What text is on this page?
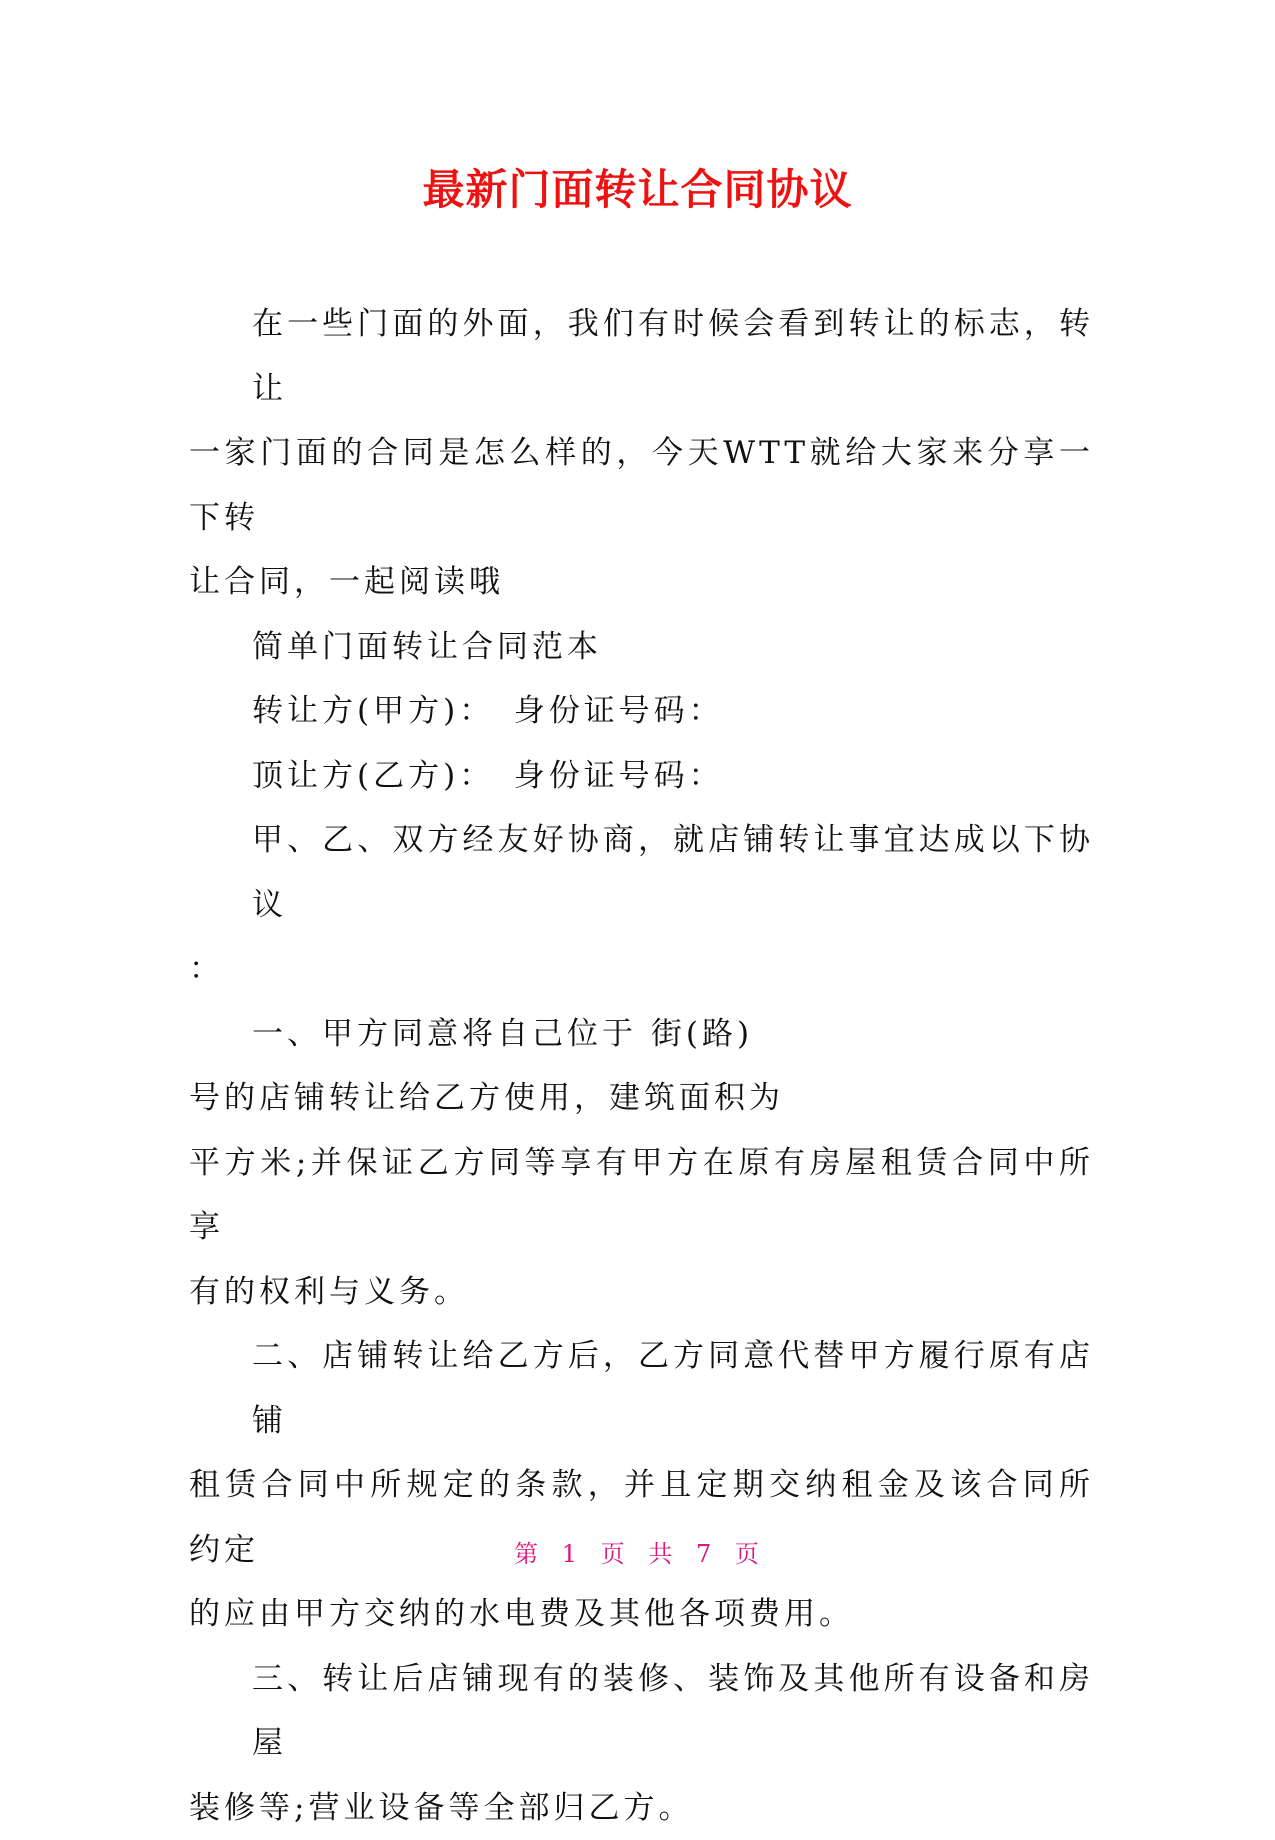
最新门面转让合同协议
在一些门面的外面，我们有时候会看到转让的标志，转让
一家门面的合同是怎么样的，今天WTT就给大家来分享一下转
让合同，一起阅读哦
简单门面转让合同范本
转让方(甲方)：　身份证号码：
顶让方(乙方)：　身份证号码：
甲、乙、双方经友好协商，就店铺转让事宜达成以下协议
：
一、甲方同意将自己位于 街(路)
号的店铺转让给乙方使用，建筑面积为
平方米;并保证乙方同等享有甲方在原有房屋租赁合同中所享
有的权利与义务。
二、店铺转让给乙方后，乙方同意代替甲方履行原有店铺
租赁合同中所规定的条款，并且定期交纳租金及该合同所约定
的应由甲方交纳的水电费及其他各项费用。
三、转让后店铺现有的装修、装饰及其他所有设备和房屋
装修等;营业设备等全部归乙方。
第 1 页 共 7 页
